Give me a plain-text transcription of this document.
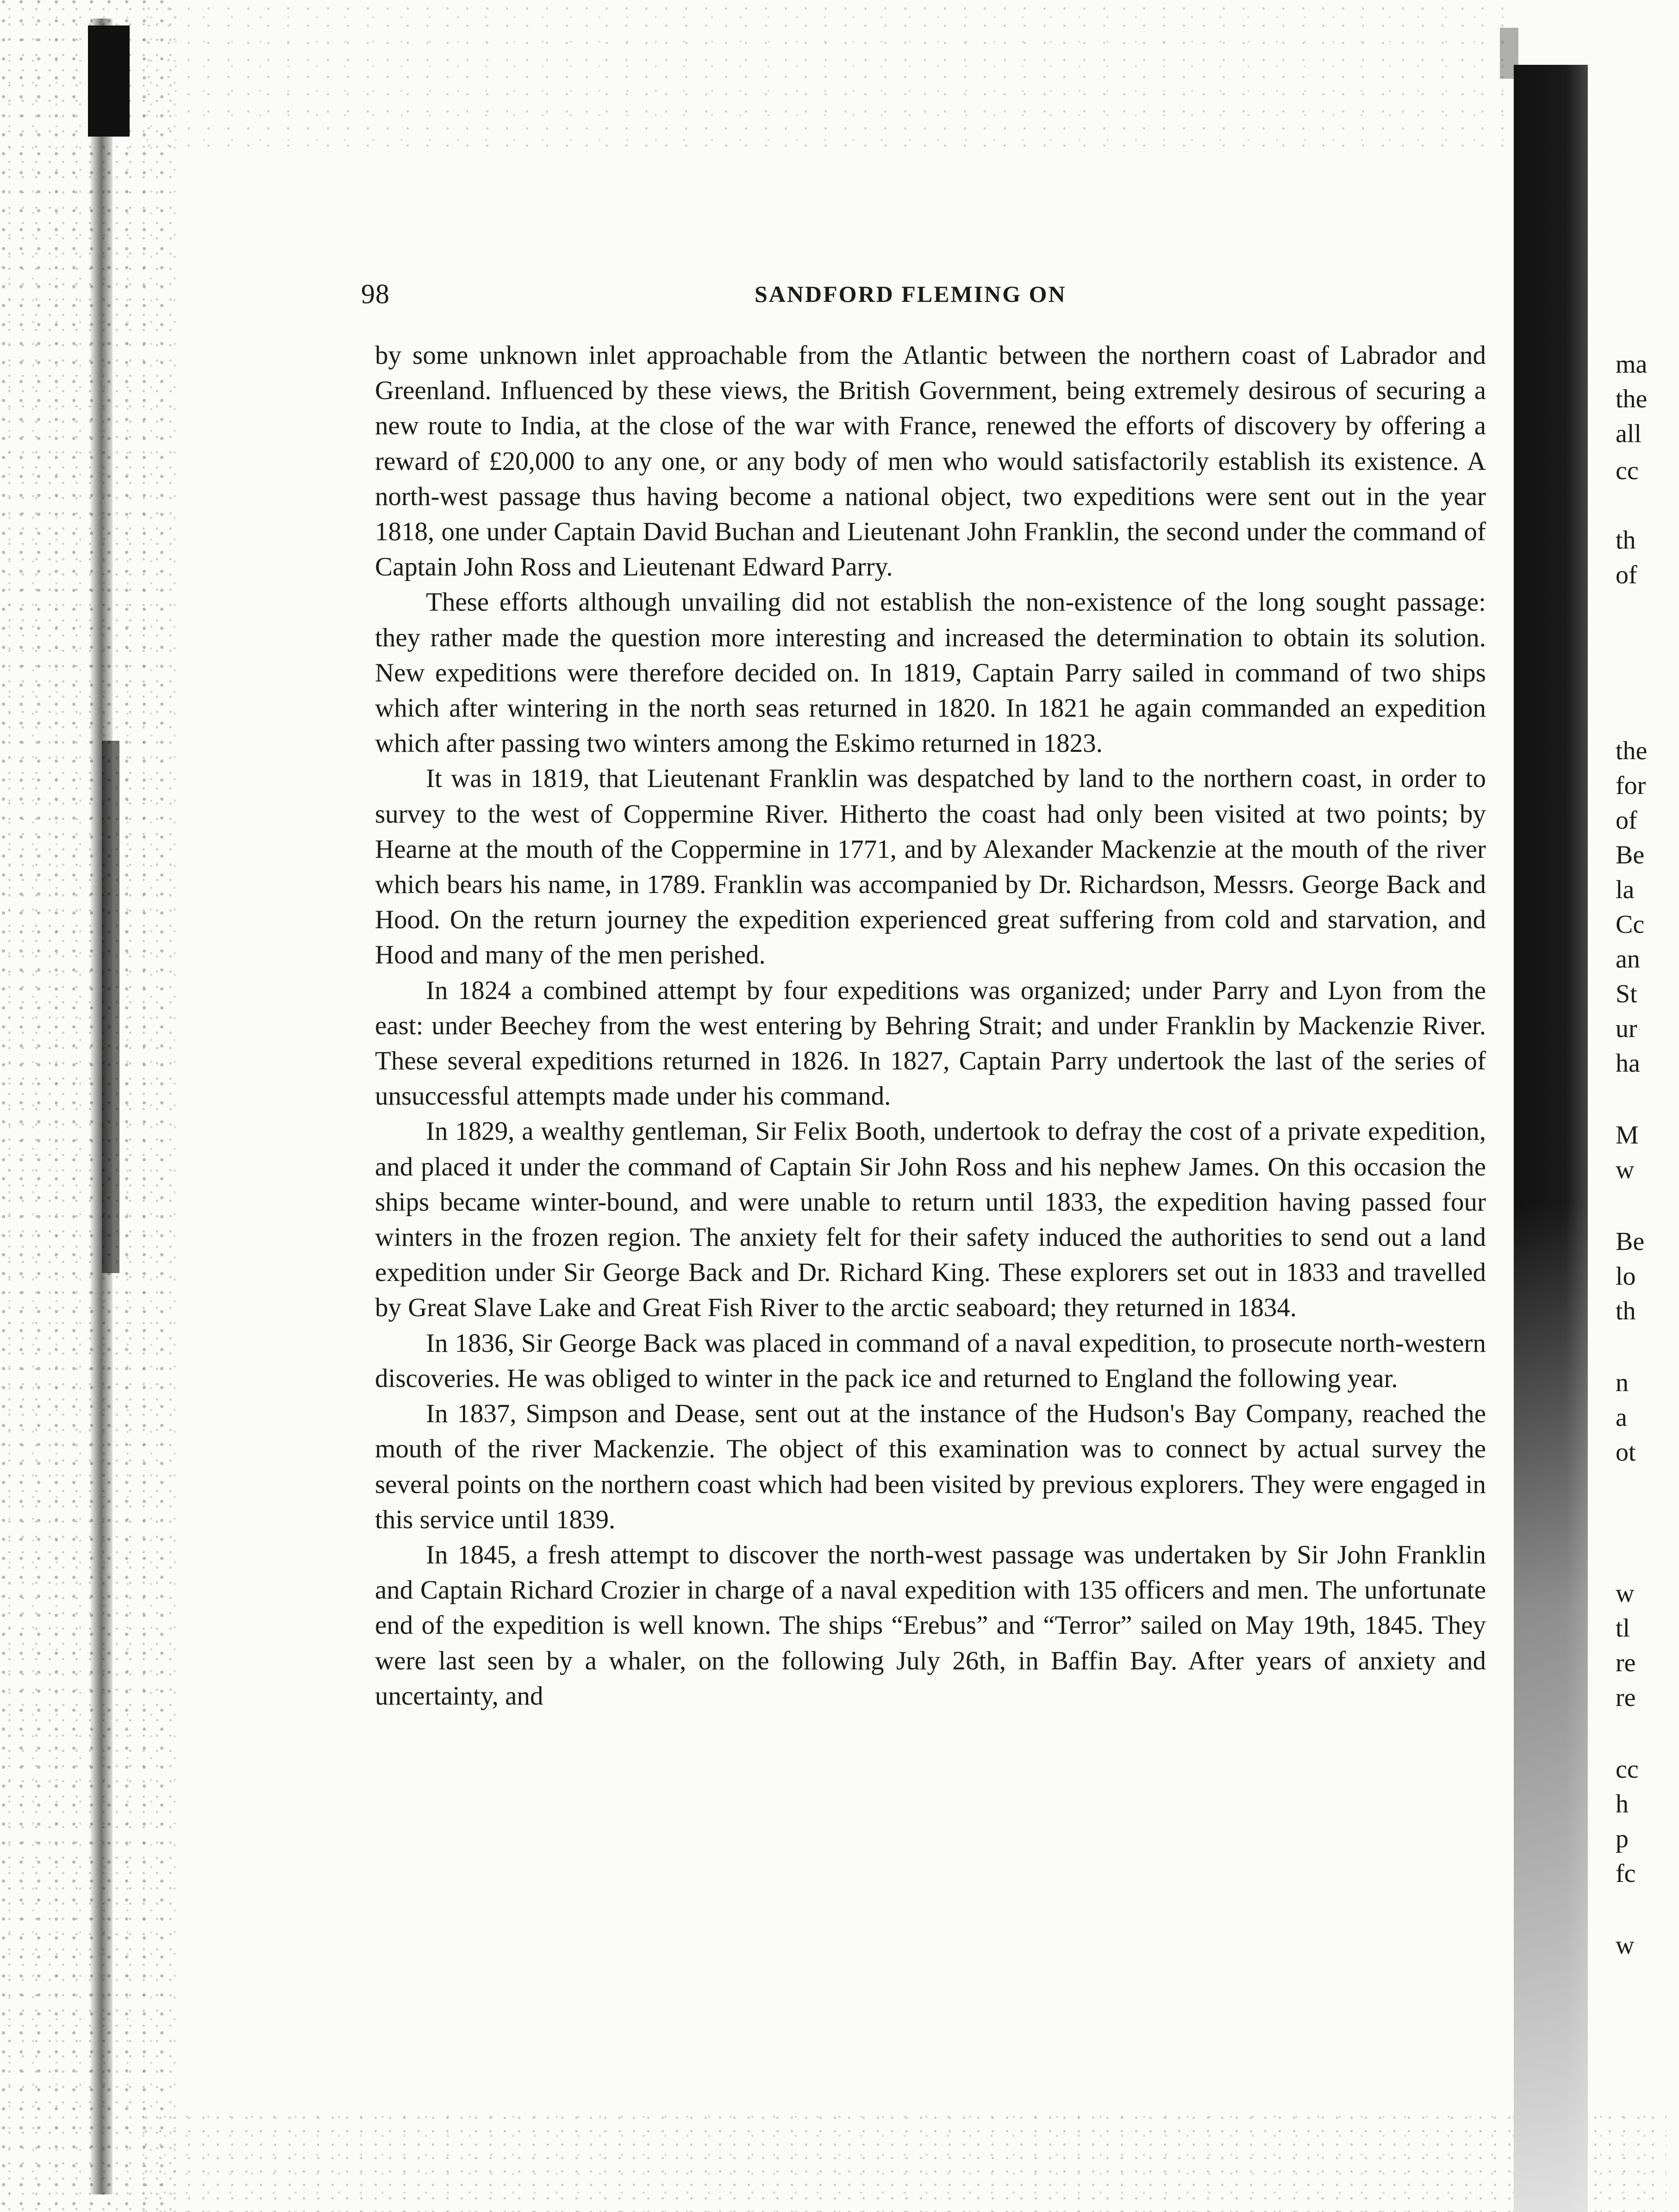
98	SANDFORD FLEMING ON

by some unknown inlet approachable from the Atlantic between the northern coast of Labrador and Greenland. Influenced by these views, the British Government, being extremely desirous of securing a new route to India, at the close of the war with France, renewed the efforts of discovery by offering a reward of £20,000 to any one, or any body of men who would satisfactorily establish its existence. A north-west passage thus having become a national object, two expeditions were sent out in the year 1818, one under Captain David Buchan and Lieutenant John Franklin, the second under the command of Captain John Ross and Lieutenant Edward Parry.

These efforts although unvailing did not establish the non-existence of the long sought passage: they rather made the question more interesting and increased the determination to obtain its solution. New expeditions were therefore decided on. In 1819, Captain Parry sailed in command of two ships which after wintering in the north seas returned in 1820. In 1821 he again commanded an expedition which after passing two winters among the Eskimo returned in 1823.

It was in 1819, that Lieutenant Franklin was despatched by land to the northern coast, in order to survey to the west of Coppermine River. Hitherto the coast had only been visited at two points; by Hearne at the mouth of the Coppermine in 1771, and by Alexander Mackenzie at the mouth of the river which bears his name, in 1789. Franklin was accompanied by Dr. Richardson, Messrs. George Back and Hood. On the return journey the expedition experienced great suffering from cold and starvation, and Hood and many of the men perished.

In 1824 a combined attempt by four expeditions was organized; under Parry and Lyon from the east: under Beechey from the west entering by Behring Strait; and under Franklin by Mackenzie River. These several expeditions returned in 1826. In 1827, Captain Parry undertook the last of the series of unsuccessful attempts made under his command.

In 1829, a wealthy gentleman, Sir Felix Booth, undertook to defray the cost of a private expedition, and placed it under the command of Captain Sir John Ross and his nephew James. On this occasion the ships became winter-bound, and were unable to return until 1833, the expedition having passed four winters in the frozen region. The anxiety felt for their safety induced the authorities to send out a land expedition under Sir George Back and Dr. Richard King. These explorers set out in 1833 and travelled by Great Slave Lake and Great Fish River to the arctic seaboard; they returned in 1834.

In 1836, Sir George Back was placed in command of a naval expedition, to prosecute north-western discoveries. He was obliged to winter in the pack ice and returned to England the following year.

In 1837, Simpson and Dease, sent out at the instance of the Hudson's Bay Company, reached the mouth of the river Mackenzie. The object of this examination was to connect by actual survey the several points on the northern coast which had been visited by previous explorers. They were engaged in this service until 1839.

In 1845, a fresh attempt to discover the north-west passage was undertaken by Sir John Franklin and Captain Richard Crozier in charge of a naval expedition with 135 officers and men. The unfortunate end of the expedition is well known. The ships “Erebus” and “Terror” sailed on May 19th, 1845. They were last seen by a whaler, on the following July 26th, in Baffin Bay. After years of anxiety and uncertainty, and

ma
the
all
cc
th
of
the
for
of
Be
la
Cc
an
St
ur
ha
M
w
Be
lo
th
n
a
ot
w
tl
re
re
cc
h
p
fc
w
